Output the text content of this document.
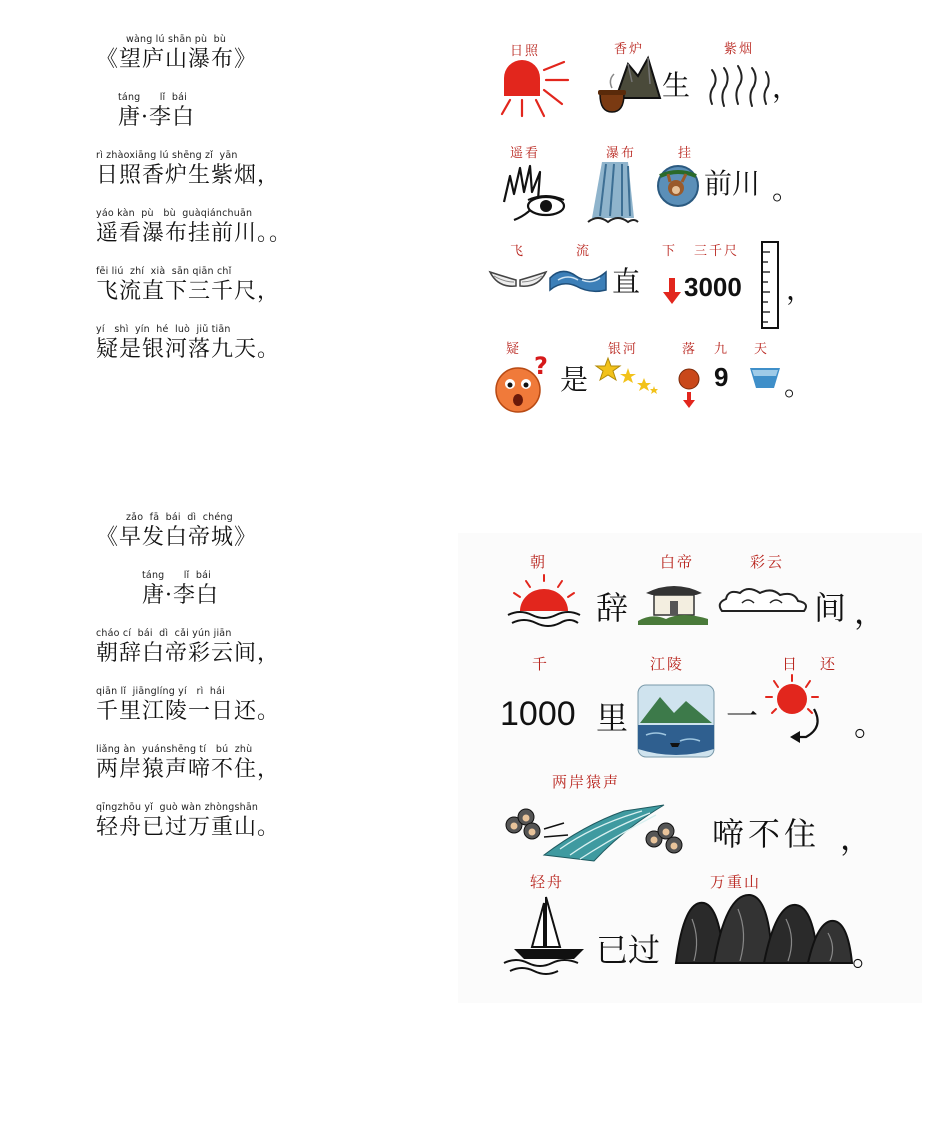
wàng lú shān pù  bù
《望庐山瀑布》
táng      lǐ  bái
唐·李白
rì zhàoxiāng lú shēng zǐ  yān
日照香炉生紫烟，
yáo kàn  pù   bù  guàqiánchuān
遥看瀑布挂前川。。
fēi liú  zhí  xià  sān qiān chǐ
飞流直下三千尺，
yí   shì  yín  hé  luò  jiǔ tiān
疑是银河落九天。
zǎo  fā  bái  dì  chéng
《早发白帝城》
táng      lǐ  bái
唐·李白
cháo cí  bái  dì  cǎi yún jiān
朝辞白帝彩云间，
qiān lǐ  jiānglíng yí   rì  hái
千里江陵一日还。
liǎng àn  yuánshēng tí   bú  zhù
两岸猿声啼不住，
qīngzhōu yǐ  guò wàn zhòngshān
轻舟已过万重山。
日照	香炉	紫烟
生	，
遥看	瀑布	挂
前川 。
飞	流	下 三千尺
直 3000 ，
疑	银河	落 九 天
? 是	9 。
朝	白帝	彩云
辞	间 ，
千	江陵	日 还
1000 里	一	。
两岸猿声
啼不住 ，
轻舟	万重山
已过	。
